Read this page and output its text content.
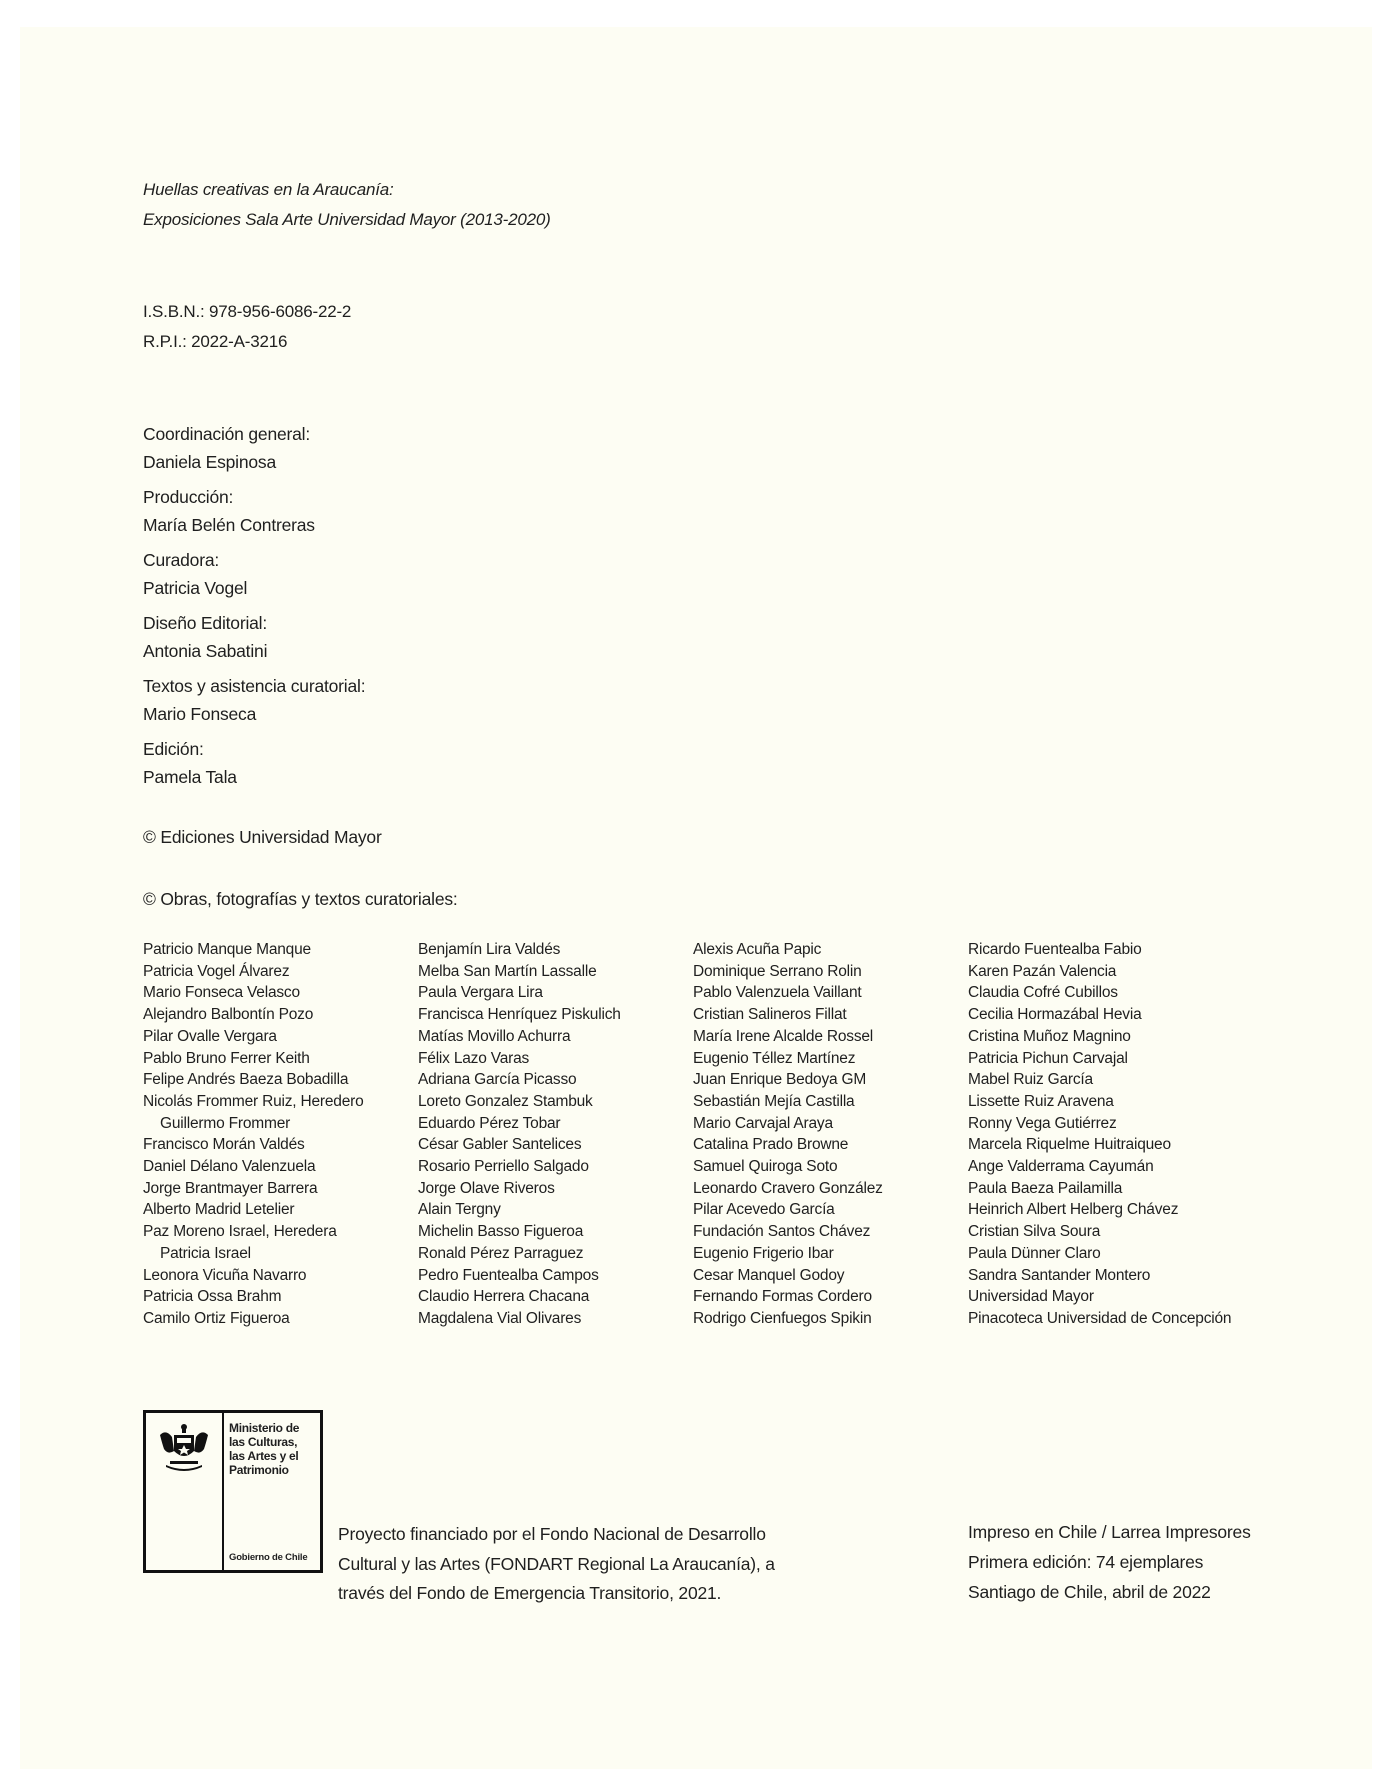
Huellas creativas en la Araucanía:
Exposiciones Sala Arte Universidad Mayor (2013-2020)
I.S.B.N.: 978-956-6086-22-2
R.P.I.: 2022-A-3216
Coordinación general:
Daniela Espinosa
Producción:
María Belén Contreras
Curadora:
Patricia Vogel
Diseño Editorial:
Antonia Sabatini
Textos y asistencia curatorial:
Mario Fonseca
Edición:
Pamela Tala
© Ediciones Universidad Mayor
© Obras, fotografías y textos curatoriales:
Patricio Manque Manque
Patricia Vogel Álvarez
Mario Fonseca Velasco
Alejandro Balbontín Pozo
Pilar Ovalle Vergara
Pablo Bruno Ferrer Keith
Felipe Andrés Baeza Bobadilla
Nicolás Frommer Ruiz, Heredero
Guillermo Frommer
Francisco Morán Valdés
Daniel Délano Valenzuela
Jorge Brantmayer Barrera
Alberto Madrid Letelier
Paz Moreno Israel, Heredera
Patricia Israel
Leonora Vicuña Navarro
Patricia Ossa Brahm
Camilo Ortiz Figueroa
Benjamín Lira Valdés
Melba San Martín Lassalle
Paula Vergara Lira
Francisca Henríquez Piskulich
Matías Movillo Achurra
Félix Lazo Varas
Adriana García Picasso
Loreto Gonzalez Stambuk
Eduardo Pérez Tobar
César Gabler Santelices
Rosario Perriello Salgado
Jorge Olave Riveros
Alain Tergny
Michelin Basso Figueroa
Ronald Pérez Parraguez
Pedro Fuentealba Campos
Claudio Herrera Chacana
Magdalena Vial Olivares
Alexis Acuña Papic
Dominique Serrano Rolin
Pablo Valenzuela Vaillant
Cristian Salineros Fillat
María Irene Alcalde Rossel
Eugenio Téllez Martínez
Juan Enrique Bedoya GM
Sebastián Mejía Castilla
Mario Carvajal Araya
Catalina Prado Browne
Samuel Quiroga Soto
Leonardo Cravero González
Pilar Acevedo García
Fundación Santos Chávez
Eugenio Frigerio Ibar
Cesar Manquel Godoy
Fernando Formas Cordero
Rodrigo Cienfuegos Spikin
Ricardo Fuentealba Fabio
Karen Pazán Valencia
Claudia Cofré Cubillos
Cecilia Hormazábal Hevia
Cristina Muñoz Magnino
Patricia Pichun Carvajal
Mabel Ruiz García
Lissette Ruiz Aravena
Ronny Vega Gutiérrez
Marcela Riquelme Huitraiqueo
Ange Valderrama Cayumán
Paula Baeza Pailamilla
Heinrich Albert Helberg Chávez
Cristian Silva Soura
Paula Dünner Claro
Sandra Santander Montero
Universidad Mayor
Pinacoteca Universidad de Concepción
Ministerio de
las Culturas,
las Artes y el
Patrimonio
Gobierno de Chile
Proyecto financiado por el Fondo Nacional de Desarrollo Cultural y las Artes (FONDART Regional La Araucanía), a través del Fondo de Emergencia Transitorio, 2021.
Impreso en Chile / Larrea Impresores
Primera edición: 74 ejemplares
Santiago de Chile, abril de 2022
